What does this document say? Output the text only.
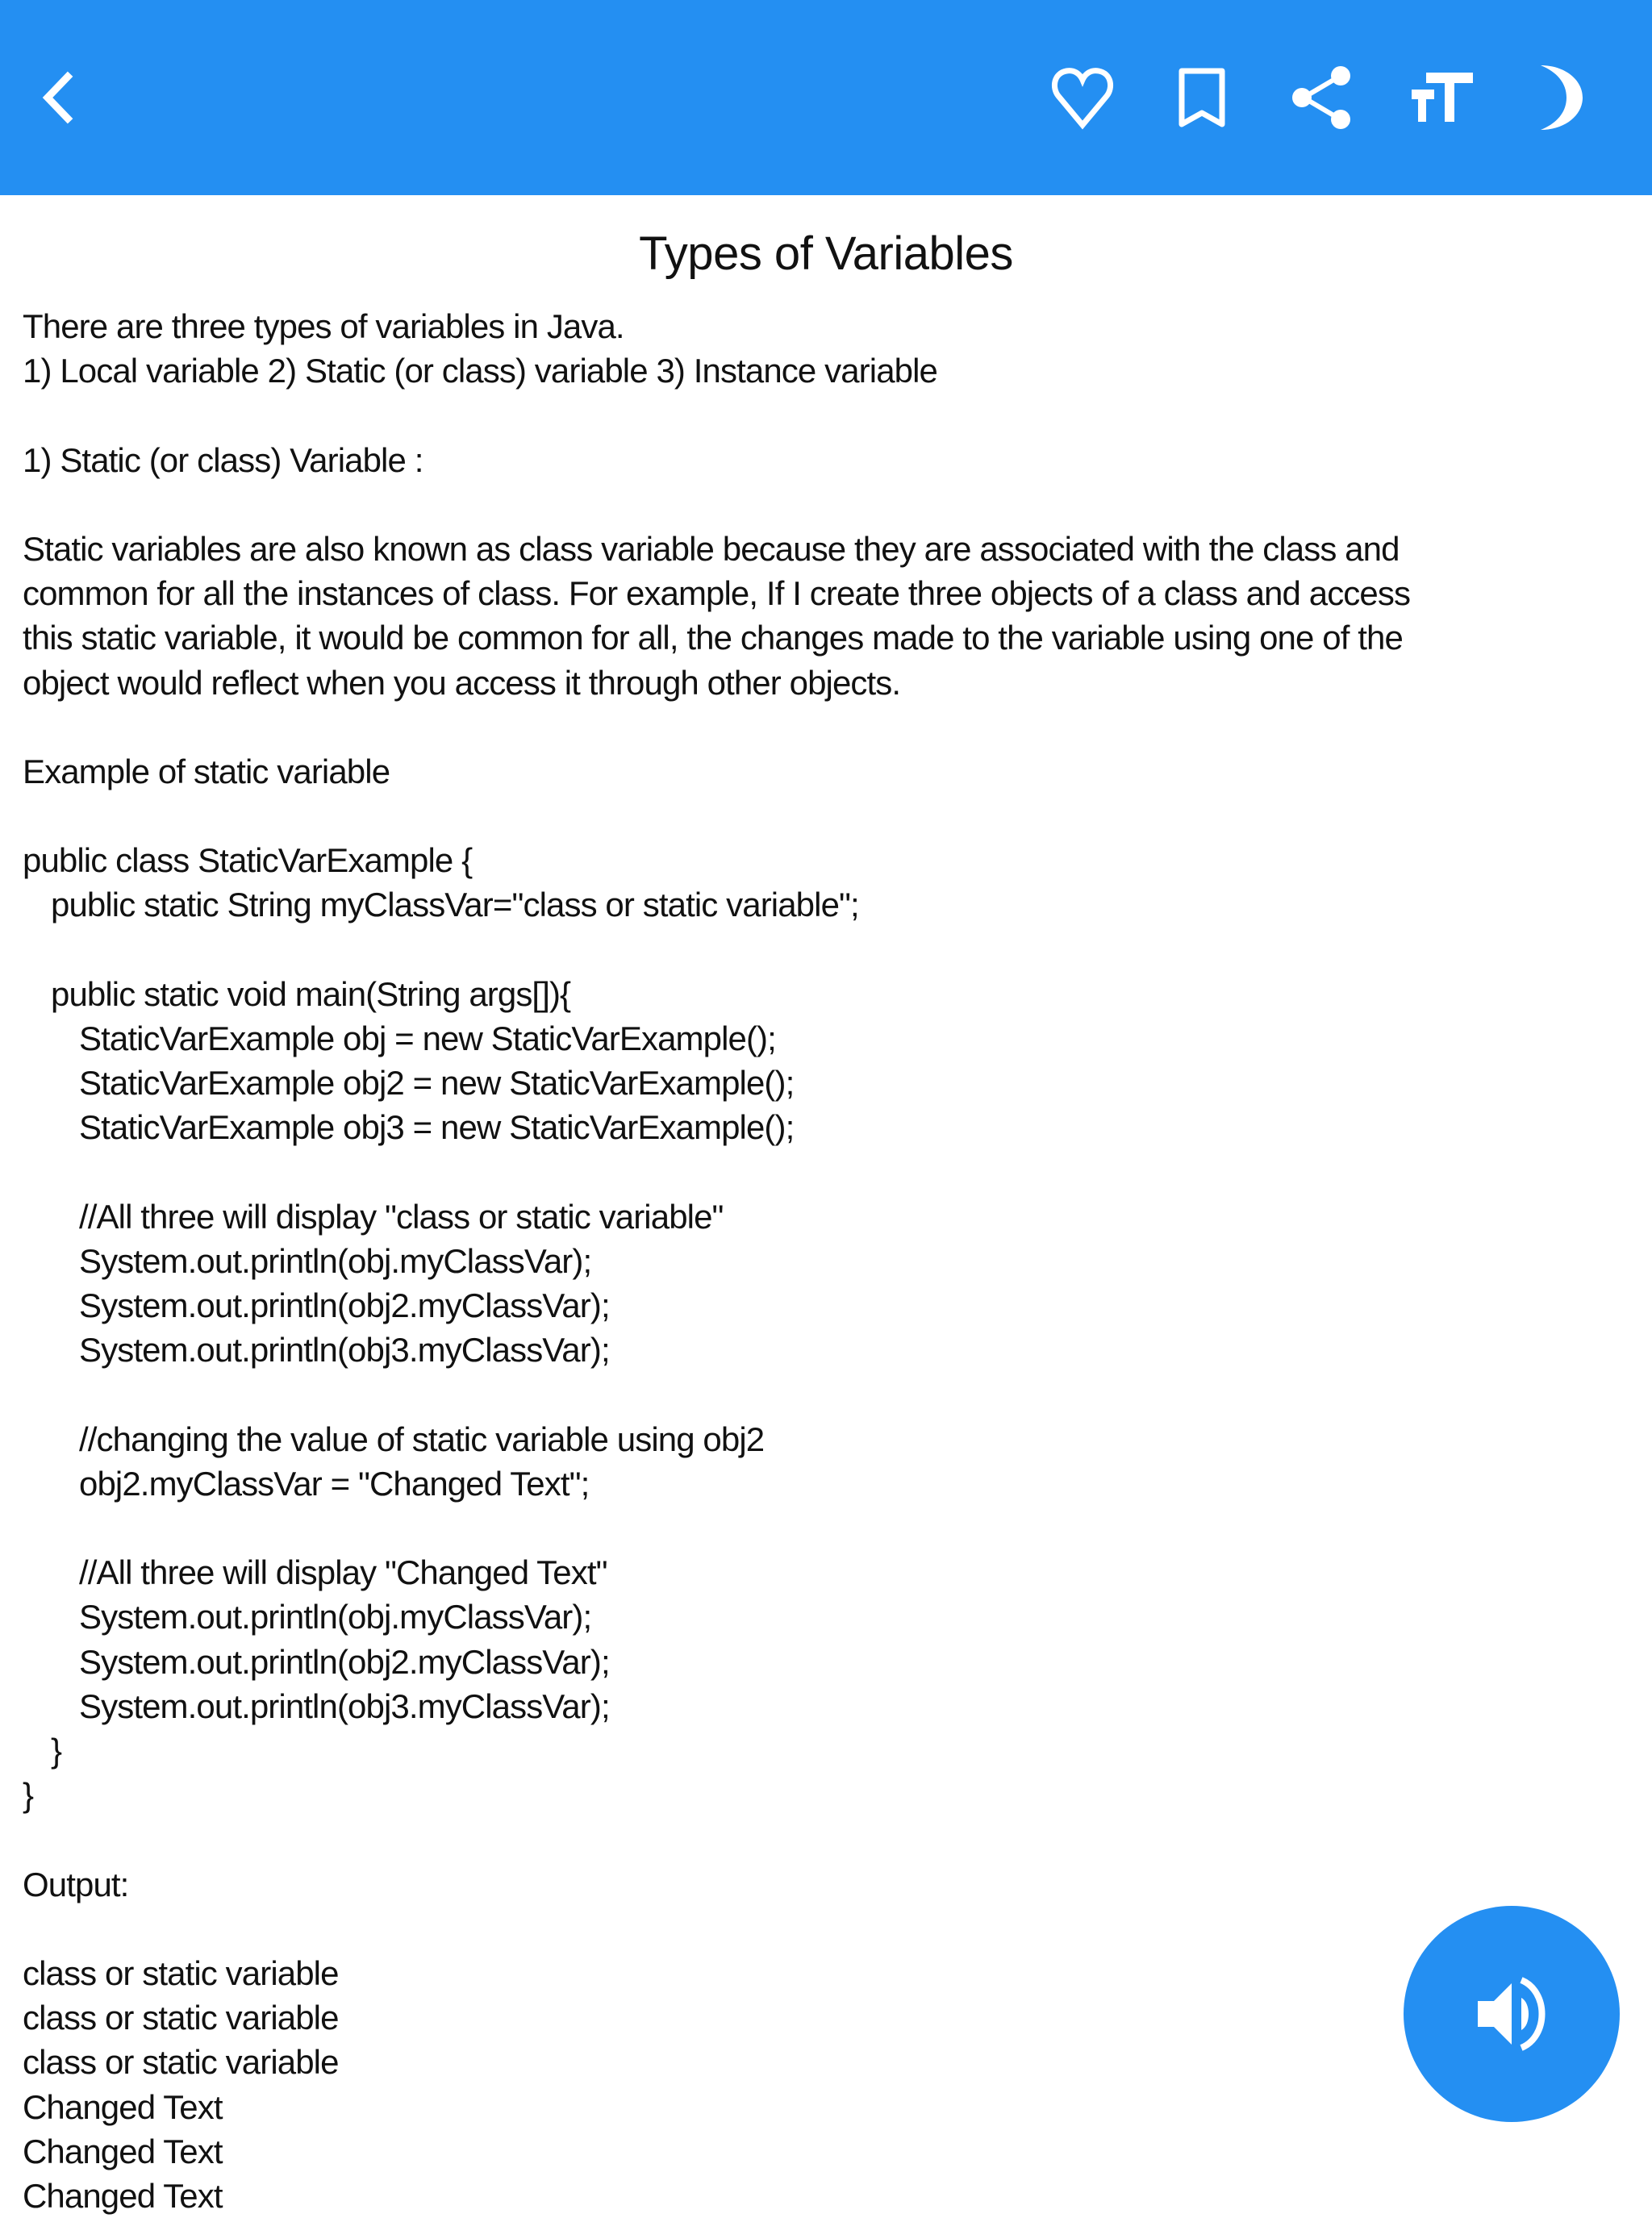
Types of Variables
There are three types of variables in Java.
1) Local variable 2) Static (or class) variable 3) Instance variable
1) Static (or class) Variable :
Static variables are also known as class variable because they are associated with the class and
common for all the instances of class. For example, If I create three objects of a class and access
this static variable, it would be common for all, the changes made to the variable using one of the
object would reflect when you access it through other objects.
Example of static variable
public class StaticVarExample {
public static String myClassVar="class or static variable";
public static void main(String args[]){
StaticVarExample obj = new StaticVarExample();
StaticVarExample obj2 = new StaticVarExample();
StaticVarExample obj3 = new StaticVarExample();
//All three will display "class or static variable"
System.out.println(obj.myClassVar);
System.out.println(obj2.myClassVar);
System.out.println(obj3.myClassVar);
//changing the value of static variable using obj2
obj2.myClassVar = "Changed Text";
//All three will display "Changed Text"
System.out.println(obj.myClassVar);
System.out.println(obj2.myClassVar);
System.out.println(obj3.myClassVar);
}
}
Output:
class or static variable
class or static variable
class or static variable
Changed Text
Changed Text
Changed Text
